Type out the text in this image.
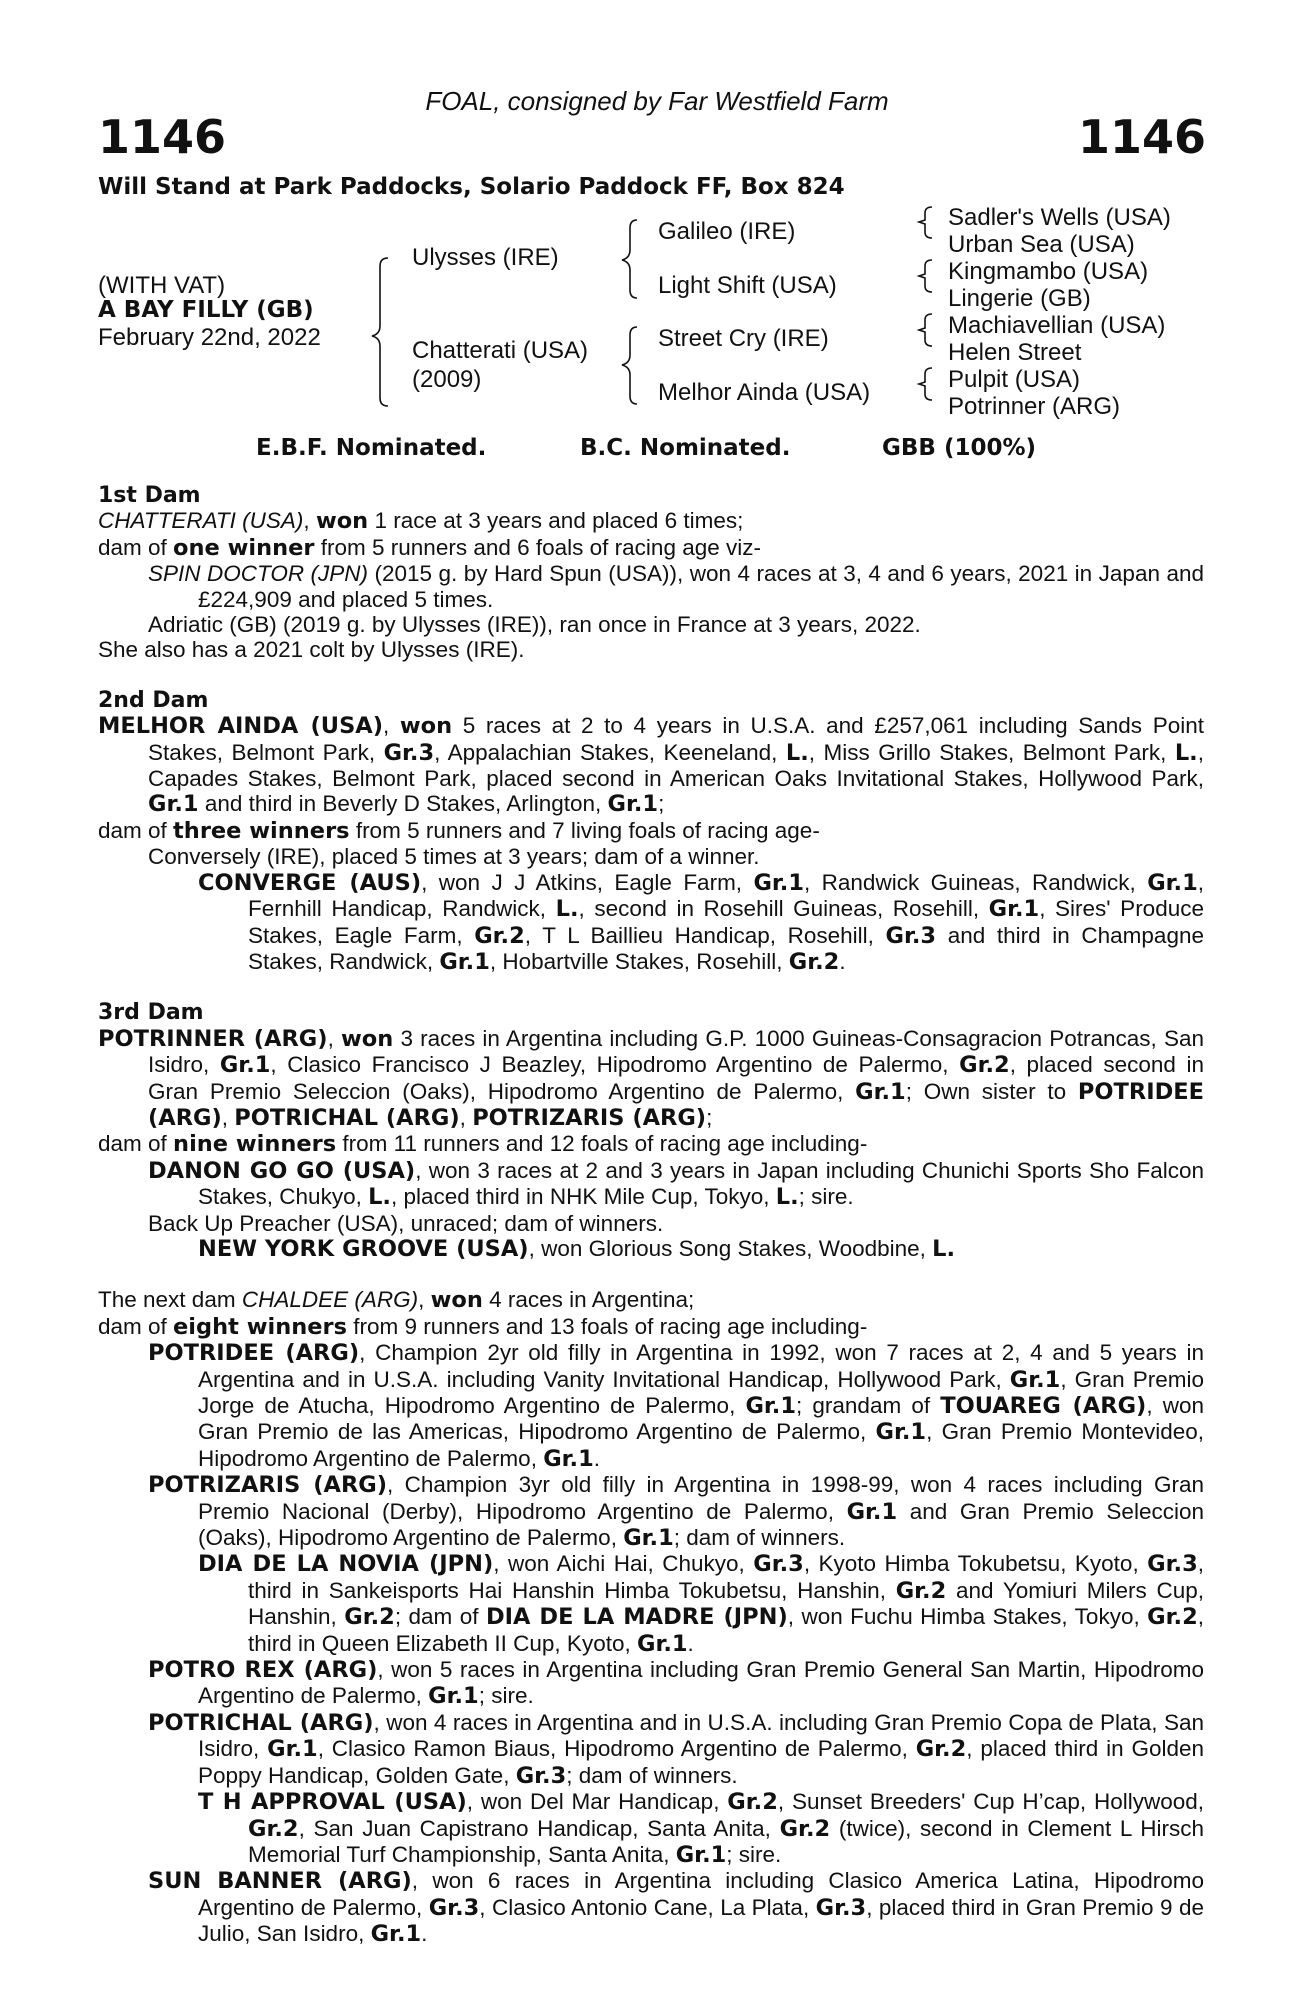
FOAL, consigned by Far Westfield Farm
1146	1146
Will Stand at Park Paddocks, Solario Paddock FF, Box 824
(WITH VAT)
A BAY FILLY (GB)
February 22nd, 2022
Ulysses (IRE)
Chatterati (USA)
(2009)
Galileo (IRE)
Light Shift (USA)
Street Cry (IRE)
Melhor Ainda (USA)
Sadler's Wells (USA)
Urban Sea (USA)
Kingmambo (USA)
Lingerie (GB)
Machiavellian (USA)
Helen Street
Pulpit (USA)
Potrinner (ARG)
E.B.F. Nominated.	B.C. Nominated.	GBB (100%)

1st Dam

CHATTERATI (USA), won 1 race at 3 years and placed 6 times;

dam of one winner from 5 runners and 6 foals of racing age viz-

SPIN DOCTOR (JPN) (2015 g. by Hard Spun (USA)), won 4 races at 3, 4 and 6 years, 2021 in Japan and £224,909 and placed 5 times.

Adriatic (GB) (2019 g. by Ulysses (IRE)), ran once in France at 3 years, 2022.

She also has a 2021 colt by Ulysses (IRE).

2nd Dam

MELHOR AINDA (USA), won 5 races at 2 to 4 years in U.S.A. and £257,061 including Sands Point Stakes, Belmont Park, Gr.3, Appalachian Stakes, Keeneland, L., Miss Grillo Stakes, Belmont Park, L., Capades Stakes, Belmont Park, placed second in American Oaks Invitational Stakes, Hollywood Park, Gr.1 and third in Beverly D Stakes, Arlington, Gr.1;

dam of three winners from 5 runners and 7 living foals of racing age-

Conversely (IRE), placed 5 times at 3 years; dam of a winner.

CONVERGE (AUS), won J J Atkins, Eagle Farm, Gr.1, Randwick Guineas, Randwick, Gr.1, Fernhill Handicap, Randwick, L., second in Rosehill Guineas, Rosehill, Gr.1, Sires' Produce Stakes, Eagle Farm, Gr.2, T L Baillieu Handicap, Rosehill, Gr.3 and third in Champagne Stakes, Randwick, Gr.1, Hobartville Stakes, Rosehill, Gr.2.

3rd Dam

POTRINNER (ARG), won 3 races in Argentina including G.P. 1000 Guineas-Consagracion Potrancas, San Isidro, Gr.1, Clasico Francisco J Beazley, Hipodromo Argentino de Palermo, Gr.2, placed second in Gran Premio Seleccion (Oaks), Hipodromo Argentino de Palermo, Gr.1; Own sister to POTRIDEE (ARG), POTRICHAL (ARG), POTRIZARIS (ARG);

dam of nine winners from 11 runners and 12 foals of racing age including-

DANON GO GO (USA), won 3 races at 2 and 3 years in Japan including Chunichi Sports Sho Falcon Stakes, Chukyo, L., placed third in NHK Mile Cup, Tokyo, L.; sire.

Back Up Preacher (USA), unraced; dam of winners.

NEW YORK GROOVE (USA), won Glorious Song Stakes, Woodbine, L.

The next dam CHALDEE (ARG), won 4 races in Argentina;

dam of eight winners from 9 runners and 13 foals of racing age including-

POTRIDEE (ARG), Champion 2yr old filly in Argentina in 1992, won 7 races at 2, 4 and 5 years in Argentina and in U.S.A. including Vanity Invitational Handicap, Hollywood Park, Gr.1, Gran Premio Jorge de Atucha, Hipodromo Argentino de Palermo, Gr.1; grandam of TOUAREG (ARG), won Gran Premio de las Americas, Hipodromo Argentino de Palermo, Gr.1, Gran Premio Montevideo, Hipodromo Argentino de Palermo, Gr.1.

POTRIZARIS (ARG), Champion 3yr old filly in Argentina in 1998-99, won 4 races including Gran Premio Nacional (Derby), Hipodromo Argentino de Palermo, Gr.1 and Gran Premio Seleccion (Oaks), Hipodromo Argentino de Palermo, Gr.1; dam of winners.

DIA DE LA NOVIA (JPN), won Aichi Hai, Chukyo, Gr.3, Kyoto Himba Tokubetsu, Kyoto, Gr.3, third in Sankeisports Hai Hanshin Himba Tokubetsu, Hanshin, Gr.2 and Yomiuri Milers Cup, Hanshin, Gr.2; dam of DIA DE LA MADRE (JPN), won Fuchu Himba Stakes, Tokyo, Gr.2, third in Queen Elizabeth II Cup, Kyoto, Gr.1.

POTRO REX (ARG), won 5 races in Argentina including Gran Premio General San Martin, Hipodromo Argentino de Palermo, Gr.1; sire.

POTRICHAL (ARG), won 4 races in Argentina and in U.S.A. including Gran Premio Copa de Plata, San Isidro, Gr.1, Clasico Ramon Biaus, Hipodromo Argentino de Palermo, Gr.2, placed third in Golden Poppy Handicap, Golden Gate, Gr.3; dam of winners.

T H APPROVAL (USA), won Del Mar Handicap, Gr.2, Sunset Breeders' Cup H’cap, Hollywood, Gr.2, San Juan Capistrano Handicap, Santa Anita, Gr.2 (twice), second in Clement L Hirsch Memorial Turf Championship, Santa Anita, Gr.1; sire.

SUN BANNER (ARG), won 6 races in Argentina including Clasico America Latina, Hipodromo Argentino de Palermo, Gr.3, Clasico Antonio Cane, La Plata, Gr.3, placed third in Gran Premio 9 de Julio, San Isidro, Gr.1.
